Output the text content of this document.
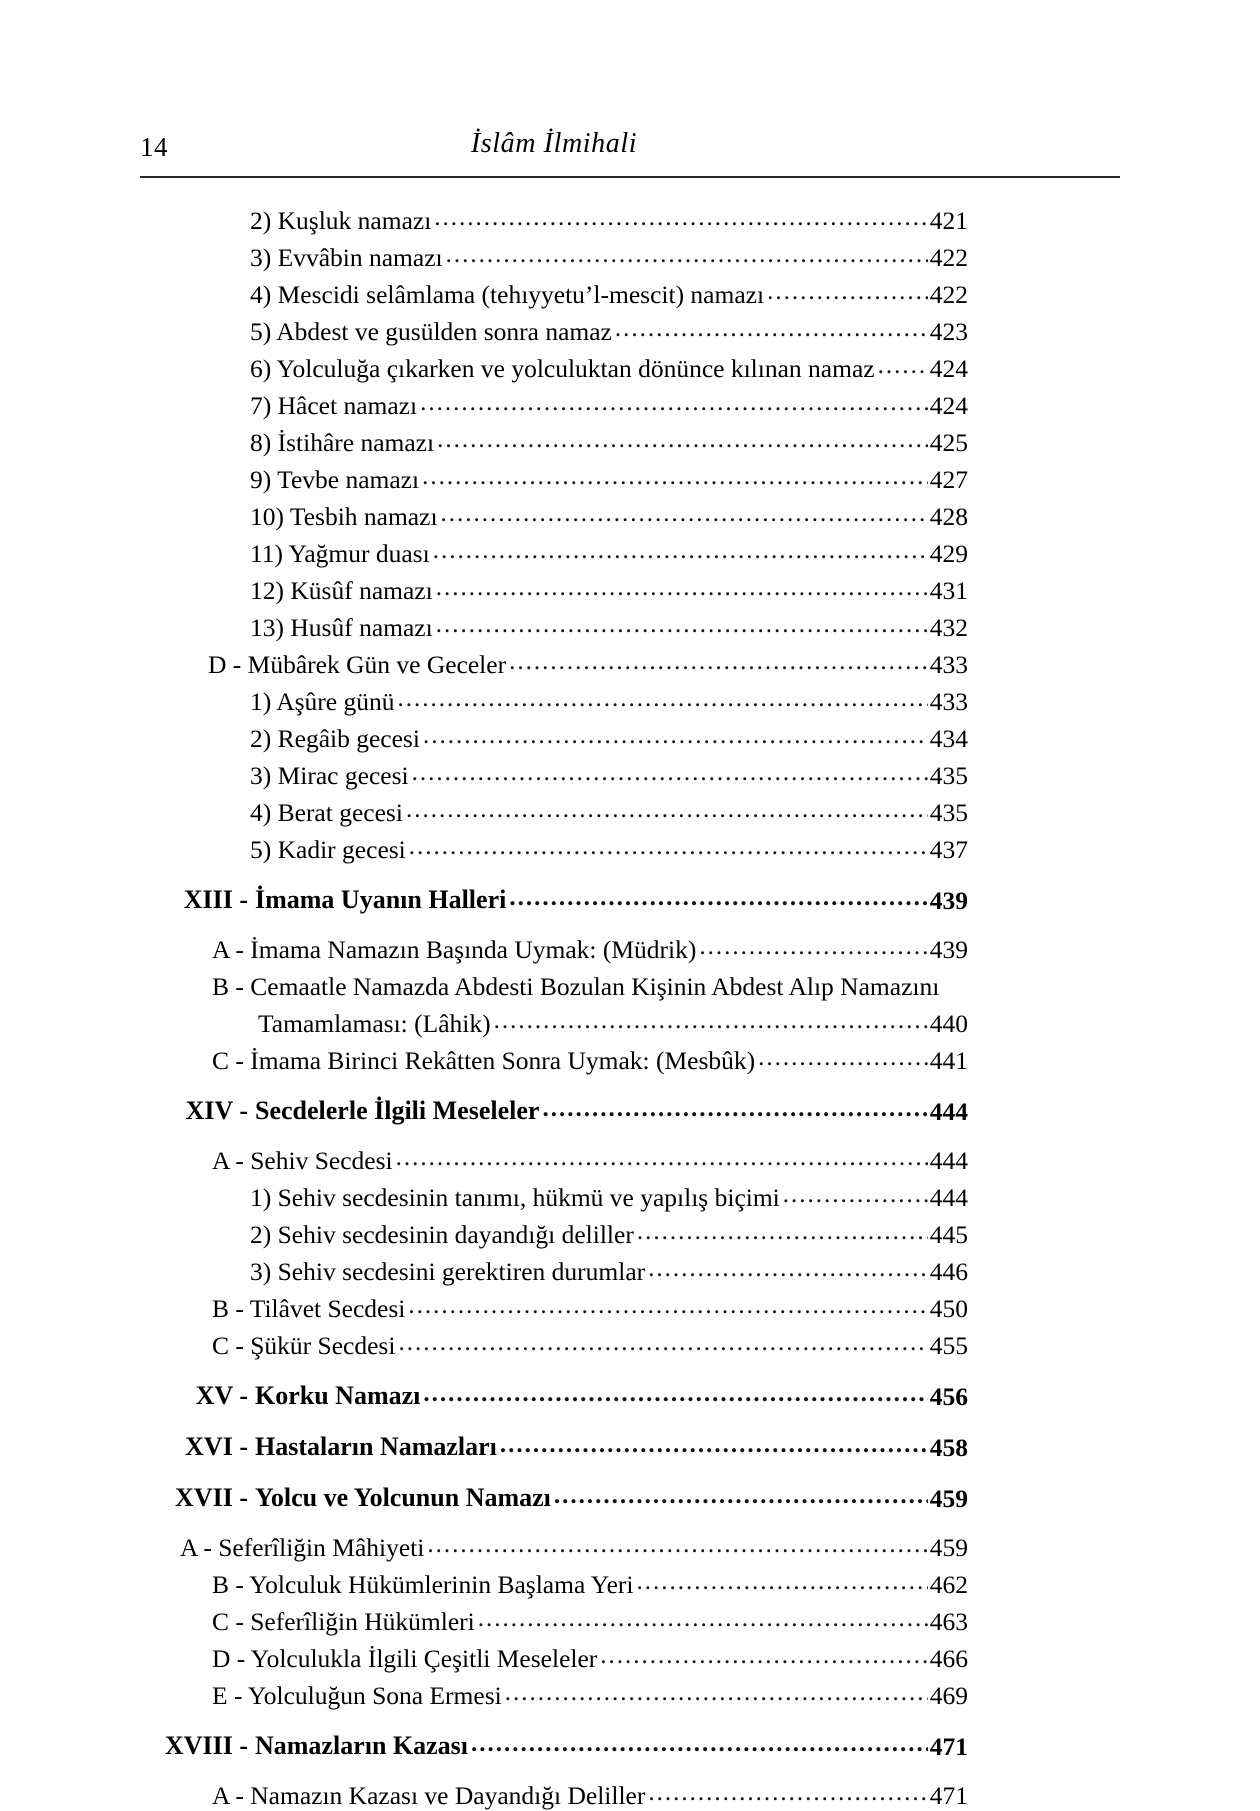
14	İslâm İlmihali
2) Kuşluk namazı .....	421
3) Evvâbin namazı .....	422
4) Mescidi selâmlama (tehıyyetu’l-mescit) namazı .....	422
5) Abdest ve gusülden sonra namaz .....	423
6) Yolculuğa çıkarken ve yolculuktan dönünce kılınan namaz ..... 424
7) Hâcet namazı .....	424
8) İstihâre namazı .....	425
9) Tevbe namazı .....	427
10) Tesbih namazı .....	428
11) Yağmur duası .....	429
12) Küsûf namazı .....	431
13) Husûf namazı .....	432
D - Mübârek Gün ve Geceler .....	433
1) Aşûre günü .....	433
2) Regâib gecesi .....	434
3) Mirac gecesi .....	435
4) Berat gecesi .....	435
5) Kadir gecesi .....	437
XIII - İmama Uyanın Halleri .....	439
A - İmama Namazın Başında Uymak: (Müdrik) .....	439
B - Cemaatle Namazda Abdesti Bozulan Kişinin Abdest Alıp Namazını
Tamamlaması: (Lâhik) .....	440
C - İmama Birinci Rekâtten Sonra Uymak: (Mesbûk) .....	441
XIV - Secdelerle İlgili Meseleler .....	444
A - Sehiv Secdesi .....	444
1) Sehiv secdesinin tanımı, hükmü ve yapılış biçimi .....	444
2) Sehiv secdesinin dayandığı deliller .....	445
3) Sehiv secdesini gerektiren durumlar .....	446
B - Tilâvet Secdesi .....	450
C - Şükür Secdesi .....	455
XV - Korku Namazı .....	456
XVI - Hastaların Namazları .....	458
XVII - Yolcu ve Yolcunun Namazı .....	459
A - Seferîliğin Mâhiyeti .....	459
B - Yolculuk Hükümlerinin Başlama Yeri .....	462
C - Seferîliğin Hükümleri .....	463
D - Yolculukla İlgili Çeşitli Meseleler .....	466
E - Yolculuğun Sona Ermesi .....	469
XVIII - Namazların Kazası .....	471
A - Namazın Kazası ve Dayandığı Deliller .....	471
